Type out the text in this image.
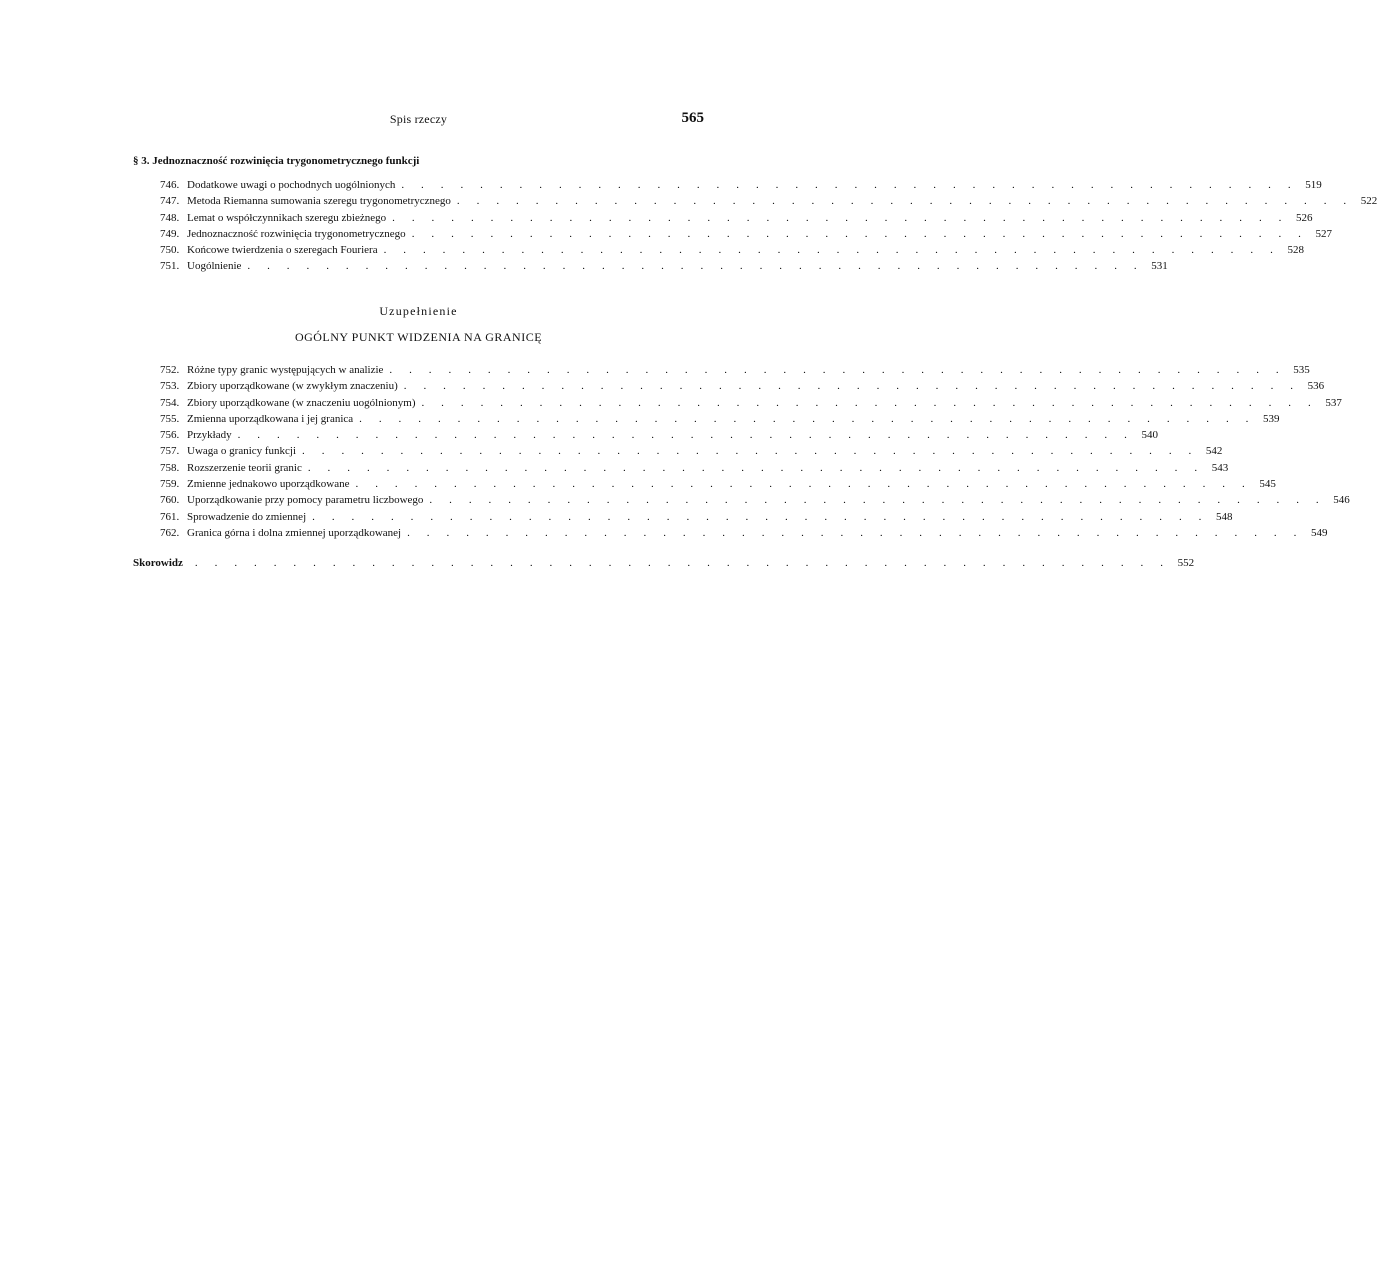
Spis rzeczy	565
§ 3. Jednoznaczność rozwinięcia trygonometrycznego funkcji
746. Dodatkowe uwagi o pochodnych uogólnionych . . . . . . . . . . . . . . . . . . . . . . . . . . . . . . . . . . . . . . . . . . . . . . 519
747. Metoda Riemanna sumowania szeregu trygonometrycznego . . . . . . . . . . . . . . . . . . . . . . . . . . . . . . . . . . . . . . . . . . . . . . 522
748. Lemat o współczynnikach szeregu zbieżnego . . . . . . . . . . . . . . . . . . . . . . . . . . . . . . . . . . . . . . . . . . . . . . 526
749. Jednoznaczność rozwinięcia trygonometrycznego . . . . . . . . . . . . . . . . . . . . . . . . . . . . . . . . . . . . . . . . . . . . . . 527
750. Końcowe twierdzenia o szeregach Fouriera . . . . . . . . . . . . . . . . . . . . . . . . . . . . . . . . . . . . . . . . . . . . . . 528
751. Uogólnienie . . . . . . . . . . . . . . . . . . . . . . . . . . . . . . . . . . . . . . . . . . . . . . 531
Uzupełnienie
OGÓLNY PUNKT WIDZENIA NA GRANICĘ
752. Różne typy granic występujących w analizie . . . . . . . . . . . . . . . . . . . . . . . . . . . . . . . . . . . . . . . . . . . . . . 535
753. Zbiory uporządkowane (w zwykłym znaczeniu) . . . . . . . . . . . . . . . . . . . . . . . . . . . . . . . . . . . . . . . . . . . . . . 536
754. Zbiory uporządkowane (w znaczeniu uogólnionym) . . . . . . . . . . . . . . . . . . . . . . . . . . . . . . . . . . . . . . . . . . . . . . 537
755. Zmienna uporządkowana i jej granica . . . . . . . . . . . . . . . . . . . . . . . . . . . . . . . . . . . . . . . . . . . . . . 539
756. Przykłady . . . . . . . . . . . . . . . . . . . . . . . . . . . . . . . . . . . . . . . . . . . . . . 540
757. Uwaga o granicy funkcji . . . . . . . . . . . . . . . . . . . . . . . . . . . . . . . . . . . . . . . . . . . . . . 542
758. Rozszerzenie teorii granic . . . . . . . . . . . . . . . . . . . . . . . . . . . . . . . . . . . . . . . . . . . . . . 543
759. Zmienne jednakowo uporządkowane . . . . . . . . . . . . . . . . . . . . . . . . . . . . . . . . . . . . . . . . . . . . . . 545
760. Uporządkowanie przy pomocy parametru liczbowego . . . . . . . . . . . . . . . . . . . . . . . . . . . . . . . . . . . . . . . . . . . . . . 546
761. Sprowadzenie do zmiennej . . . . . . . . . . . . . . . . . . . . . . . . . . . . . . . . . . . . . . . . . . . . . . 548
762. Granica górna i dolna zmiennej uporządkowanej . . . . . . . . . . . . . . . . . . . . . . . . . . . . . . . . . . . . . . . . . . . . . . 549
Skorowidz	. . . . . . . . . . . . . . . . . . . . . . . . . . . . . . . . . . . . . . . . . . . . . . . . . . 552
